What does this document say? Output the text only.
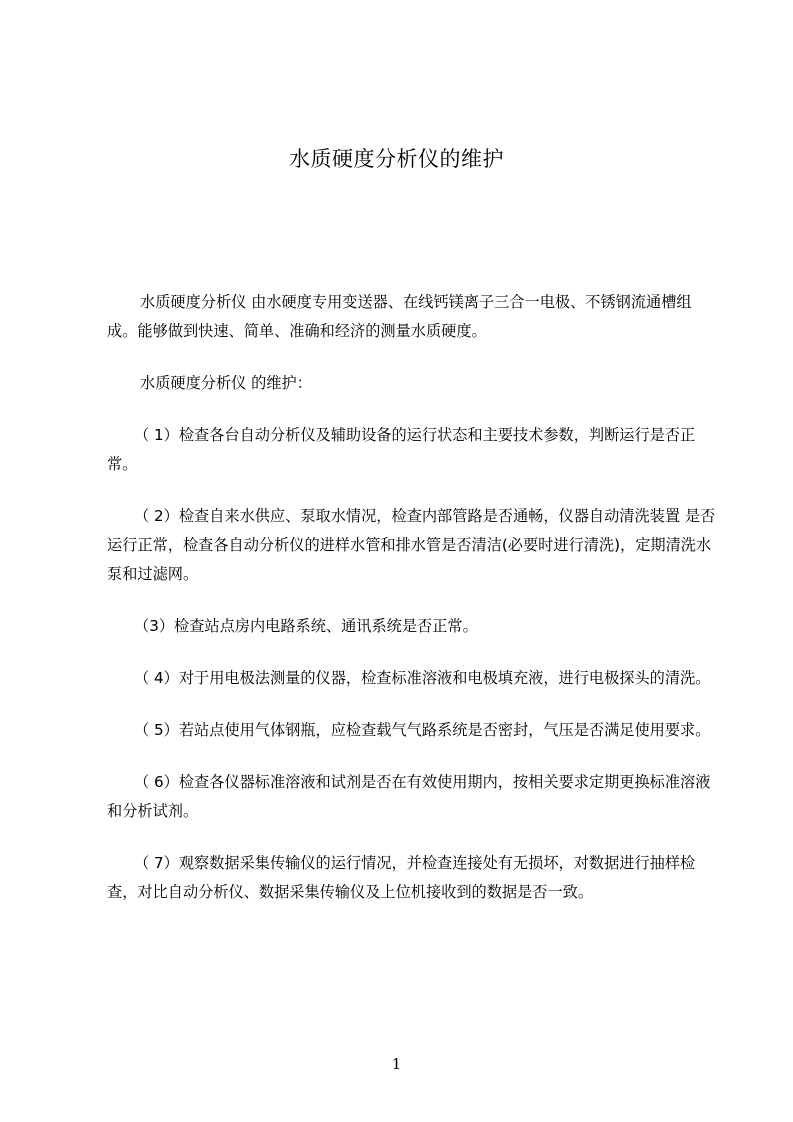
水质硬度分析仪的维护

水质硬度分析仪 由水硬度专用变送器、在线钙镁离子三合一电极、不锈钢流通槽组成。能够做到快速、简单、准确和经济的测量水质硬度。

水质硬度分析仪 的维护：

（ 1）检查各台自动分析仪及辅助设备的运行状态和主要技术参数，判断运行是否正常。

（ 2）检查自来水供应、泵取水情况，检查内部管路是否通畅，仪器自动清洗装置 是否运行正常，检查各自动分析仪的进样水管和排水管是否清洁(必要时进行清洗)，定期清洗水泵和过滤网。

（3）检查站点房内电路系统、通讯系统是否正常。

（ 4）对于用电极法测量的仪器，检查标准溶液和电极填充液，进行电极探头的清洗。

（ 5）若站点使用气体钢瓶，应检查载气气路系统是否密封，气压是否满足使用要求。

（ 6）检查各仪器标准溶液和试剂是否在有效使用期内，按相关要求定期更换标准溶液和分析试剂。

（ 7）观察数据采集传输仪的运行情况，并检查连接处有无损坏，对数据进行抽样检查，对比自动分析仪、数据采集传输仪及上位机接收到的数据是否一致。

1
